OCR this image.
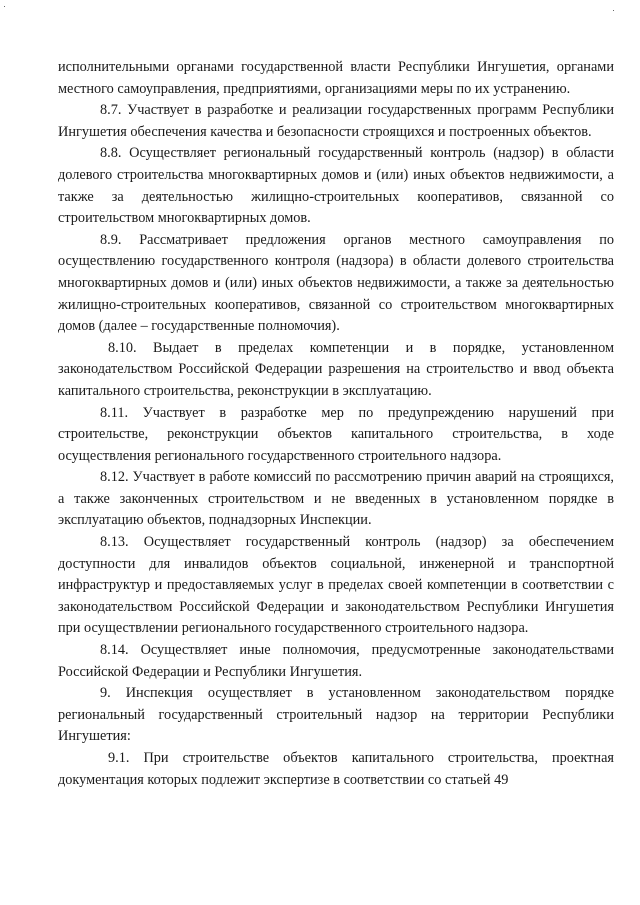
исполнительными органами государственной власти Республики Ингушетия, органами местного самоуправления, предприятиями, организациями меры по их устранению.

8.7. Участвует в разработке и реализации государственных программ Республики Ингушетия обеспечения качества и безопасности строящихся и построенных объектов.

8.8. Осуществляет региональный государственный контроль (надзор) в области долевого строительства многоквартирных домов и (или) иных объектов недвижимости, а также за деятельностью жилищно-строительных кооперативов, связанной со строительством многоквартирных домов.

8.9. Рассматривает предложения органов местного самоуправления по осуществлению государственного контроля (надзора) в области долевого строительства многоквартирных домов и (или) иных объектов недвижимости, а также за деятельностью жилищно-строительных кооперативов, связанной со строительством многоквартирных домов (далее – государственные полномочия).

8.10. Выдает в пределах компетенции и в порядке, установленном законодательством Российской Федерации разрешения на строительство и ввод объекта капитального строительства, реконструкции в эксплуатацию.

8.11. Участвует в разработке мер по предупреждению нарушений при строительстве, реконструкции объектов капитального строительства, в ходе осуществления регионального государственного строительного надзора.

8.12. Участвует в работе комиссий по рассмотрению причин аварий на строящихся, а также законченных строительством и не введенных в установленном порядке в эксплуатацию объектов, поднадзорных Инспекции.

8.13. Осуществляет государственный контроль (надзор) за обеспечением доступности для инвалидов объектов социальной, инженерной и транспортной инфраструктур и предоставляемых услуг в пределах своей компетенции в соответствии с законодательством Российской Федерации и законодательством Республики Ингушетия при осуществлении регионального государственного строительного надзора.

8.14. Осуществляет иные полномочия, предусмотренные законодательствами Российской Федерации и Республики Ингушетия.

9. Инспекция осуществляет в установленном законодательством порядке региональный государственный строительный надзор на территории Республики Ингушетия:

9.1. При строительстве объектов капитального строительства, проектная документация которых подлежит экспертизе в соответствии со статьей 49
